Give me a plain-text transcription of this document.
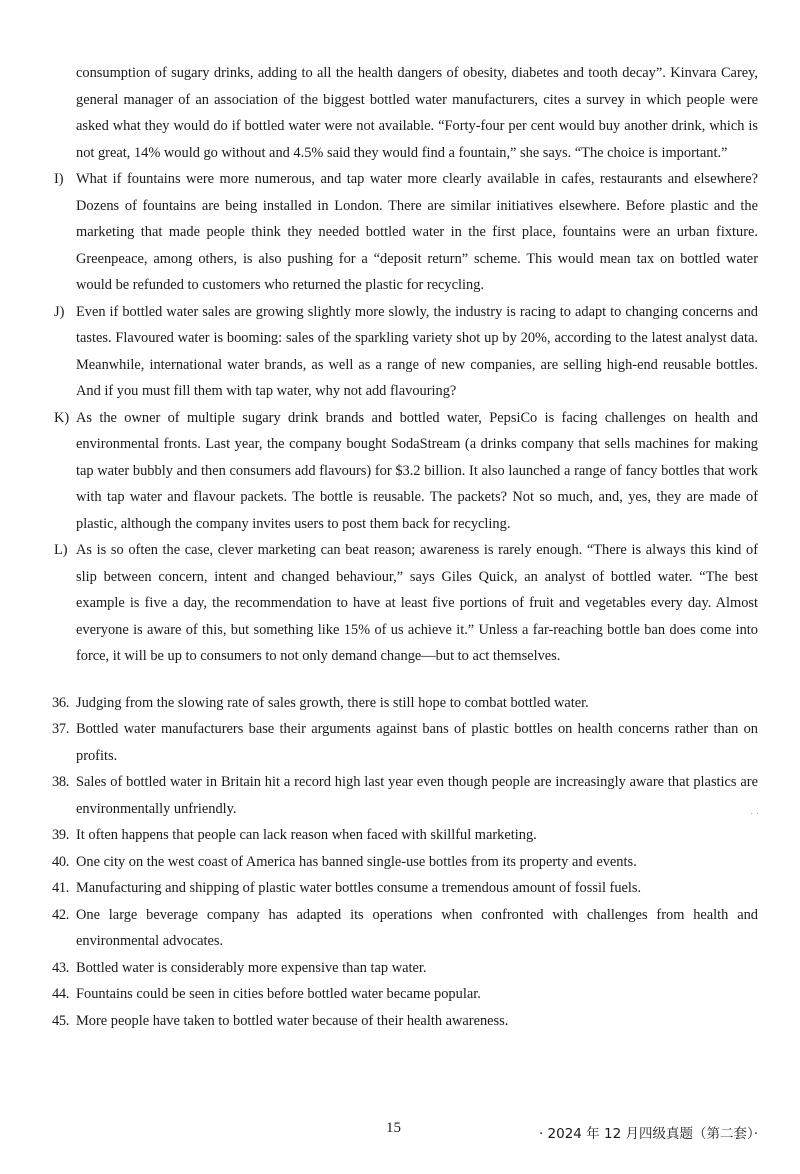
consumption of sugary drinks, adding to all the health dangers of obesity, diabetes and tooth decay”. Kinvara Carey, general manager of an association of the biggest bottled water manufacturers, cites a survey in which people were asked what they would do if bottled water were not available. “Forty-four per cent would buy another drink, which is not great, 14% would go without and 4.5% said they would find a fountain,” she says. “The choice is important.”

I) What if fountains were more numerous, and tap water more clearly available in cafes, restaurants and elsewhere? Dozens of fountains are being installed in London. There are similar initiatives elsewhere. Before plastic and the marketing that made people think they needed bottled water in the first place, fountains were an urban fixture. Greenpeace, among others, is also pushing for a “deposit return” scheme. This would mean tax on bottled water would be refunded to customers who returned the plastic for recycling.
J) Even if bottled water sales are growing slightly more slowly, the industry is racing to adapt to changing concerns and tastes. Flavoured water is booming: sales of the sparkling variety shot up by 20%, according to the latest analyst data. Meanwhile, international water brands, as well as a range of new companies, are selling high-end reusable bottles. And if you must fill them with tap water, why not add flavouring?
K) As the owner of multiple sugary drink brands and bottled water, PepsiCo is facing challenges on health and environmental fronts. Last year, the company bought SodaStream (a drinks company that sells machines for making tap water bubbly and then consumers add flavours) for $3.2 billion. It also launched a range of fancy bottles that work with tap water and flavour packets. The bottle is reusable. The packets? Not so much, and, yes, they are made of plastic, although the company invites users to post them back for recycling.
L) As is so often the case, clever marketing can beat reason; awareness is rarely enough. “There is always this kind of slip between concern, intent and changed behaviour,” says Giles Quick, an analyst of bottled water. “The best example is five a day, the recommendation to have at least five portions of fruit and vegetables every day. Almost everyone is aware of this, but something like 15% of us achieve it.” Unless a far-reaching bottle ban does come into force, it will be up to consumers to not only demand change—but to act themselves.
36. Judging from the slowing rate of sales growth, there is still hope to combat bottled water.
37. Bottled water manufacturers base their arguments against bans of plastic bottles on health concerns rather than on profits.
38. Sales of bottled water in Britain hit a record high last year even though people are increasingly aware that plastics are environmentally unfriendly.
39. It often happens that people can lack reason when faced with skillful marketing.
40. One city on the west coast of America has banned single-use bottles from its property and events.
41. Manufacturing and shipping of plastic water bottles consume a tremendous amount of fossil fuels.
42. One large beverage company has adapted its operations when confronted with challenges from health and environmental advocates.
43. Bottled water is considerably more expensive than tap water.
44. Fountains could be seen in cities before bottled water became popular.
45. More people have taken to bottled water because of their health awareness.
˙ ˙
15	· 2024 年 12 月四级真题（第二套）·
